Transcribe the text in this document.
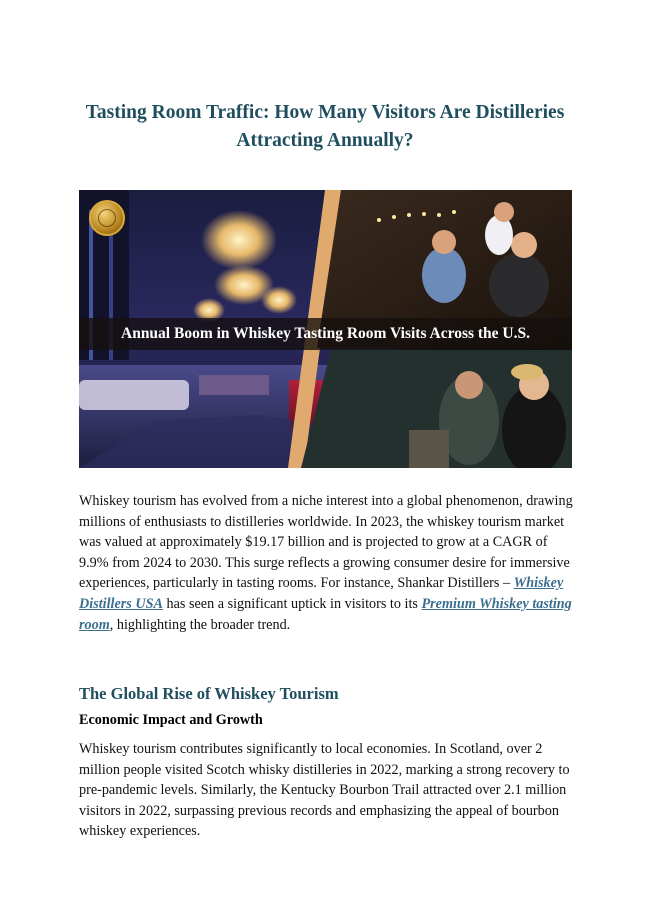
Tasting Room Traffic: How Many Visitors Are Distilleries Attracting Annually?
Annual Boom in Whiskey Tasting Room Visits Across the U.S.

Whiskey tourism has evolved from a niche interest into a global phenomenon, drawing millions of enthusiasts to distilleries worldwide. In 2023, the whiskey tourism market was valued at approximately $19.17 billion and is projected to grow at a CAGR of 9.9% from 2024 to 2030. This surge reflects a growing consumer desire for immersive experiences, particularly in tasting rooms. For instance, Shankar Distillers – Whiskey Distillers USA has seen a significant uptick in visitors to its Premium Whiskey tasting room, highlighting the broader trend.

The Global Rise of Whiskey Tourism
Economic Impact and Growth

Whiskey tourism contributes significantly to local economies. In Scotland, over 2 million people visited Scotch whisky distilleries in 2022, marking a strong recovery to pre-pandemic levels. Similarly, the Kentucky Bourbon Trail attracted over 2.1 million visitors in 2022, surpassing previous records and emphasizing the appeal of bourbon whiskey experiences.
